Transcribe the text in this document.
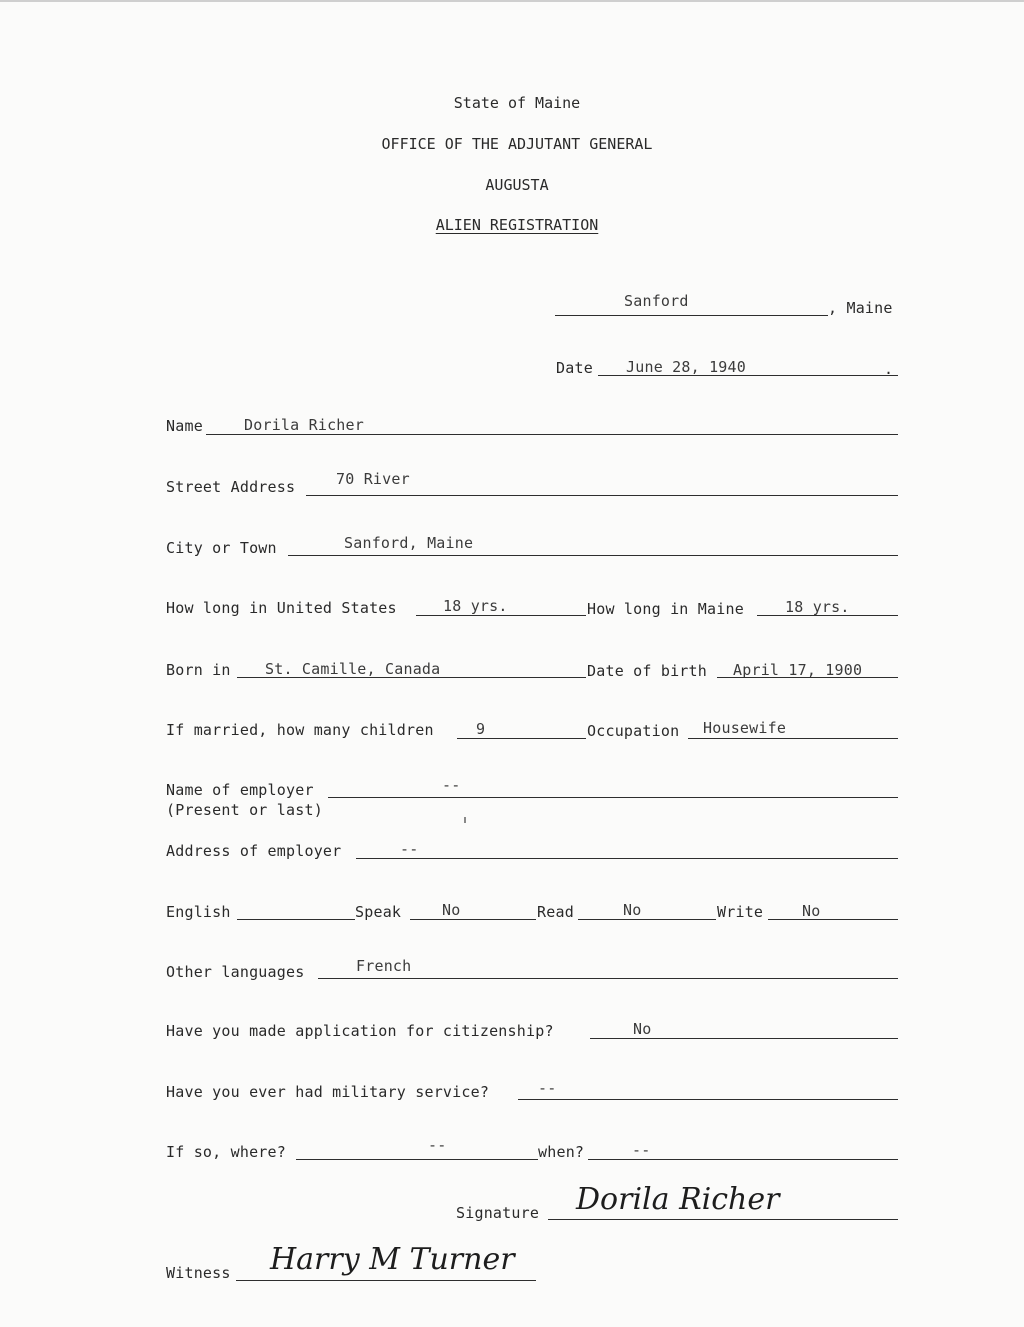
State of Maine
OFFICE OF THE ADJUTANT GENERAL
AUGUSTA
ALIEN REGISTRATION
Sanford	, Maine
Date June 28, 1940	.
Name	Dorila Richer
Street Address	70 River
City or Town	Sanford, Maine
How long in United States	18 yrs.	How long in Maine	18 yrs.
Born in St. Camille, Canada	Date of birth April 17, 1900
If married, how many children	9	Occupation Housewife
Name of employer
(Present or last)
--
Address of employer	--
English	Speak	No	Read	No	Write	No
Other languages	French
Have you made application for citizenship?	No
Have you ever had military service?	--
If so, where?	--	when?	--
Signature Dorila Richer
Witness Harry M Turner
